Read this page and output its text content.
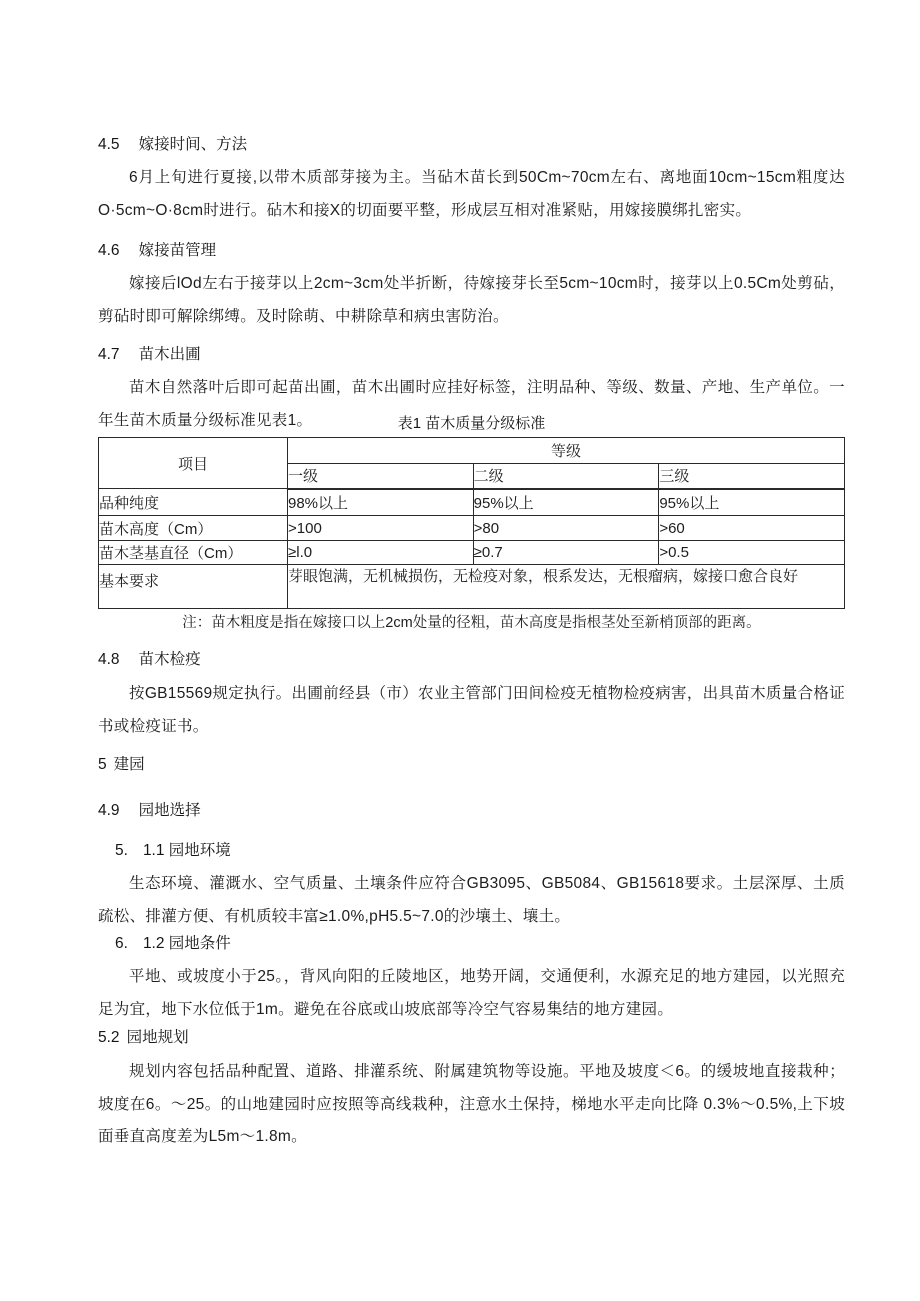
4.5 嫁接时间、方法
6月上旬进行夏接,以带木质部芽接为主。当砧木苗长到50Cm~70cm左右、离地面10cm~15cm粗度达O·5cm~O·8cm时进行。砧木和接X的切面要平整，形成层互相对准紧贴，用嫁接膜绑扎密实。
4.6 嫁接苗管理
嫁接后lOd左右于接芽以上2cm~3cm处半折断，待嫁接芽长至5cm~10cm时，接芽以上0.5Cm处剪砧，剪砧时即可解除绑缚。及时除萌、中耕除草和病虫害防治。
4.7 苗木出圃
苗木自然落叶后即可起苗出圃，苗木出圃时应挂好标签，注明品种、等级、数量、产地、生产单位。一年生苗木质量分级标准见表1。	表1 苗木质量分级标准
项目	等级		
	一级	二级	三级
品种纯度	98%以上	95%以上	95%以上
苗木高度（Cm）	>100	>80	>60
苗木茎基直径（Cm）	≥l.0	≥0.7	>0.5
基本要求	芽眼饱满，无机械损伤，无检疫对象，根系发达，无根瘤病，嫁接口愈合良好		
注：苗木粗度是指在嫁接口以上2cm处量的径粗，苗木高度是指根茎处至新梢顶部的距离。
4.8 苗木检疫
按GB15569规定执行。出圃前经县（市）农业主管部门田间检疫无植物检疫病害，出具苗木质量合格证书或检疫证书。
5 建园
4.9 园地选择
5. 1.1 园地环境
生态环境、灌溉水、空气质量、土壤条件应符合GB3095、GB5084、GB15618要求。土层深厚、土质疏松、排灌方便、有机质较丰富≥1.0%,pH5.5~7.0的沙壤土、壤土。
6. 1.2 园地条件
平地、或坡度小于25。，背风向阳的丘陵地区，地势开阔，交通便利，水源充足的地方建园，以光照充足为宜，地下水位低于1m。避免在谷底或山坡底部等冷空气容易集结的地方建园。
5.2 园地规划
规划内容包括品种配置、道路、排灌系统、附属建筑物等设施。平地及坡度＜6。的缓坡地直接栽种；坡度在6。～25。的山地建园时应按照等高线栽种，注意水土保持，梯地水平走向比降 0.3%～0.5%,上下坡面垂直高度差为L5m～1.8m。
